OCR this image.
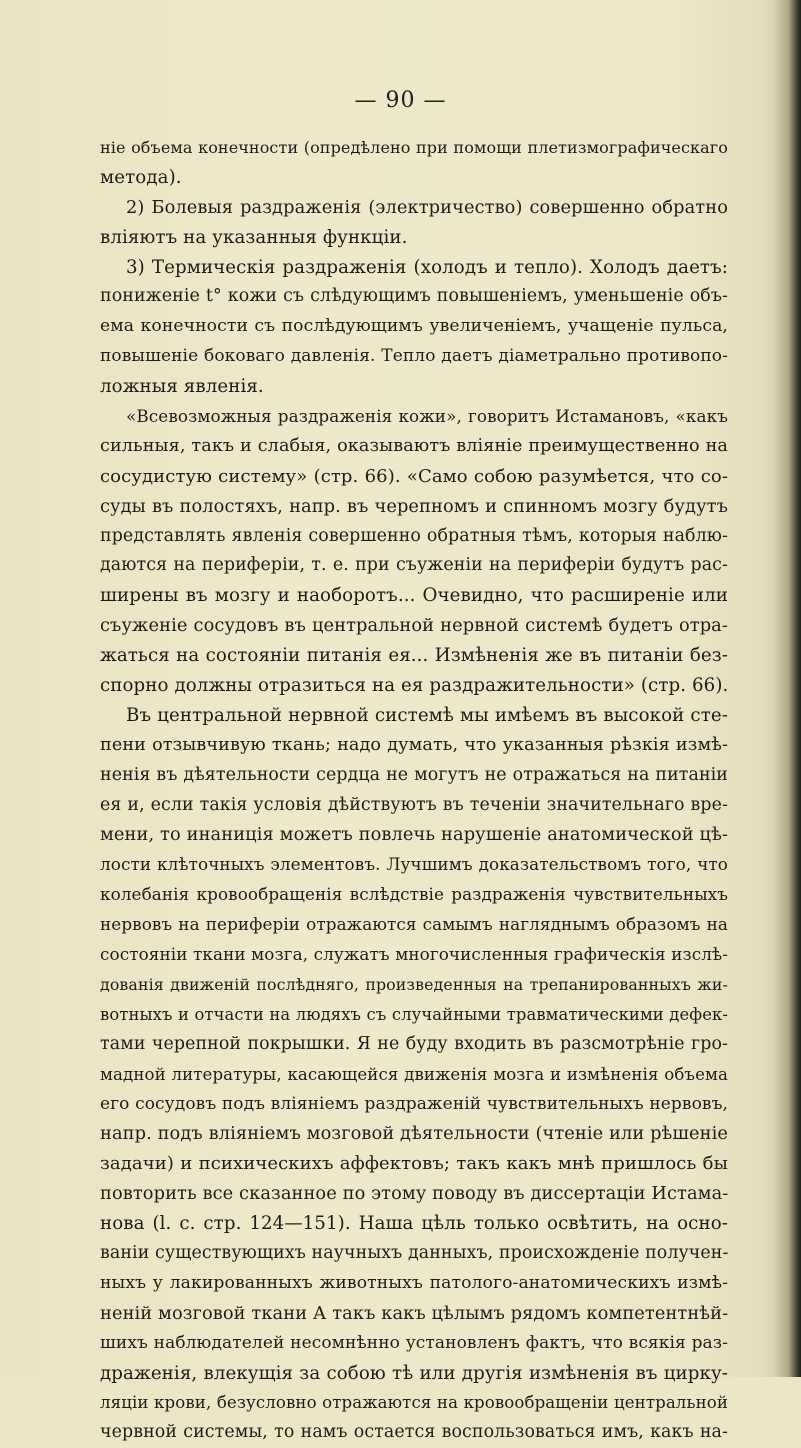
— 90 —
ніе объема конечности (опредѣлено при помощи плетизмографическаго
метода).
2) Болевыя раздраженія (электричество) совершенно обратно
вліяютъ на указанныя функціи.
3) Термическія раздраженія (холодъ и тепло). Холодъ даетъ:
пониженіе t° кожи съ слѣдующимъ повышеніемъ, уменьшеніе объ-
ема конечности съ послѣдующимъ увеличеніемъ, учащеніе пульса,
повышеніе боковаго давленія. Тепло даетъ діаметрально противопо-
ложныя явленія.
«Всевозможныя раздраженія кожи», говоритъ Истамановъ, «какъ
сильныя, такъ и слабыя, оказываютъ вліяніе преимущественно на
сосудистую систему» (стр. 66). «Само собою разумѣется, что со-
суды въ полостяхъ, напр. въ черепномъ и спинномъ мозгу будутъ
представлять явленія совершенно обратныя тѣмъ, которыя наблю-
даются на периферіи, т. е. при съуженіи на периферіи будутъ рас-
ширены въ мозгу и наоборотъ... Очевидно, что расширеніе или
съуженіе сосудовъ въ центральной нервной системѣ будетъ отра-
жаться на состояніи питанія ея... Измѣненія же въ питаніи без-
спорно должны отразиться на ея раздражительности» (стр. 66).
Въ центральной нервной системѣ мы имѣемъ въ высокой сте-
пени отзывчивую ткань; надо думать, что указанныя рѣзкія измѣ-
ненія въ дѣятельности сердца не могутъ не отражаться на питаніи
ея и, если такія условія дѣйствуютъ въ теченіи значительнаго вре-
мени, то инаниція можетъ повлечь нарушеніе анатомической цѣ-
лости клѣточныхъ элементовъ. Лучшимъ доказательствомъ того, что
колебанія кровообращенія вслѣдствіе раздраженія чувствительныхъ
нервовъ на периферіи отражаются самымъ нагляднымъ образомъ на
состояніи ткани мозга, служатъ многочисленныя графическія изслѣ-
дованія движеній послѣдняго, произведенныя на трепанированныхъ жи-
вотныхъ и отчасти на людяхъ съ случайными травматическими дефек-
тами черепной покрышки. Я не буду входить въ разсмотрѣніе гро-
мадной литературы, касающейся движенія мозга и измѣненія объема
его сосудовъ подъ вліяніемъ раздраженій чувствительныхъ нервовъ,
напр. подъ вліяніемъ мозговой дѣятельности (чтеніе или рѣшеніе
задачи) и психическихъ аффектовъ; такъ какъ мнѣ пришлось бы
повторить все сказанное по этому поводу въ диссертаціи Истама-
нова (l. с. стр. 124—151). Наша цѣль только освѣтить, на осно-
ваніи существующихъ научныхъ данныхъ, происхожденіе получен-
ныхъ у лакированныхъ животныхъ патолого-анатомическихъ измѣ-
неній мозговой ткани А такъ какъ цѣлымъ рядомъ компетентнѣй-
шихъ наблюдателей несомнѣнно установленъ фактъ, что всякія раз-
драженія, влекущія за собою тѣ или другія измѣненія въ цирку-
ляціи крови, безусловно отражаются на кровообращеніи центральной
червной системы, то намъ остается воспользоваться имъ, какъ на-
